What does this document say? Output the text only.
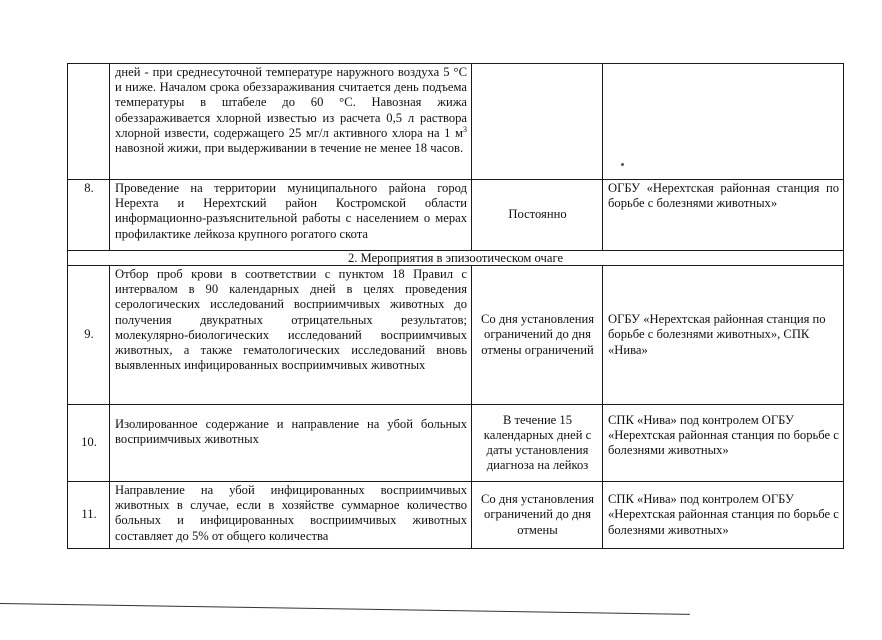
	дней - при среднесуточной температуре наружного воздуха 5 °С и ниже. Началом срока обеззараживания считается день подъема температуры в штабеле до 60 °С. Навозная жижа обеззараживается хлорной известью из расчета 0,5 л раствора хлорной извести, содержащего 25 мг/л активного хлора на 1 $м^3$ навозной жижи, при выдерживании в течение не менее 18 часов.		
8.	Проведение на территории муниципального района город Нерехта и Нерехтский район Костромской области информационно-разъяснительной работы с населением о мерах профилактике лейкоза крупного рогатого скота	Постоянно	ОГБУ «Нерехтская районная станция по борьбе с болезнями животных»
2. Мероприятия в эпизоотическом очаге			
9.	Отбор проб крови в соответствии с пунктом 18 Правил с интервалом в 90 календарных дней в целях проведения серологических исследований восприимчивых животных до получения двукратных отрицательных результатов; молекулярно-биологических исследований восприимчивых животных, а также гематологических исследований вновь выявленных инфицированных восприимчивых животных	Со дня установления ограничений до дня отмены ограничений	ОГБУ «Нерехтская районная станция по борьбе с болезнями животных», СПК «Нива»
10.	Изолированное содержание и направление на убой больных восприимчивых животных	В течение 15 календарных дней с даты установления диагноза на лейкоз	СПК «Нива» под контролем ОГБУ «Нерехтская районная станция по борьбе с болезнями животных»
11.	Направление на убой инфицированных восприимчивых животных в случае, если в хозяйстве суммарное количество больных и инфицированных восприимчивых животных составляет до 5% от общего количества	Со дня установления ограничений до дня отмены	СПК «Нива» под контролем ОГБУ «Нерехтская районная станция по борьбе с болезнями животных»
